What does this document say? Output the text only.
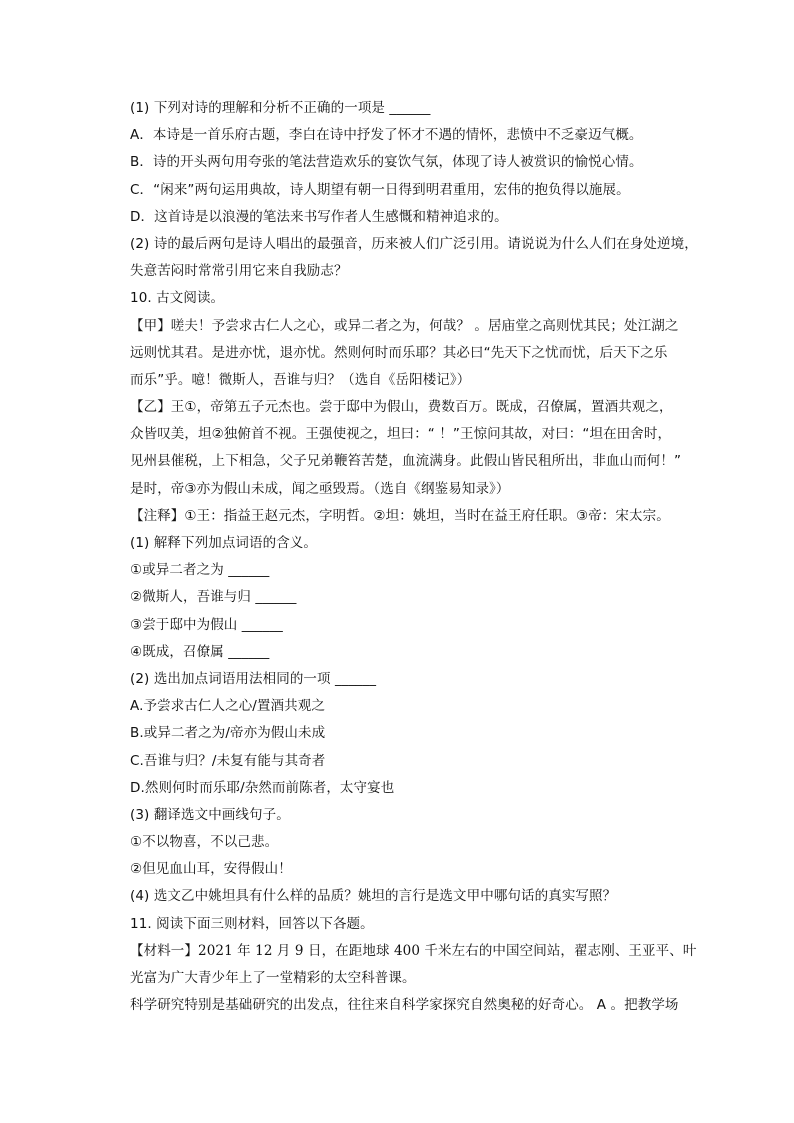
(1) 下列对诗的理解和分析不正确的一项是 ______
A．本诗是一首乐府古题，李白在诗中抒发了怀才不遇的情怀，悲愤中不乏豪迈气概。
B．诗的开头两句用夸张的笔法营造欢乐的宴饮气氛，体现了诗人被赏识的愉悦心情。
C．“闲来”两句运用典故，诗人期望有朝一日得到明君重用，宏伟的抱负得以施展。
D．这首诗是以浪漫的笔法来书写作者人生感慨和精神追求的。
(2) 诗的最后两句是诗人唱出的最强音，历来被人们广泛引用。请说说为什么人们在身处逆境，
失意苦闷时常常引用它来自我励志？
10. 古文阅读。
【甲】嗟夫！予尝求古仁人之心，或异二者之为，何哉？ 。居庙堂之高则忧其民；处江湖之
远则忧其君。是进亦忧，退亦忧。然则何时而乐耶？其必曰“先天下之忧而忧，后天下之乐
而乐”乎。噫！微斯人，吾谁与归？（选自《岳阳楼记》）
【乙】王①，帝第五子元杰也。尝于邸中为假山，费数百万。既成，召僚属，置酒共观之，
众皆叹美，坦②独俯首不视。王强使视之，坦曰：“ ！”王惊问其故，对曰：“坦在田舍时，
见州县催税，上下相急，父子兄弟鞭笞苦楚，血流满身。此假山皆民租所出，非血山而何！”
是时，帝③亦为假山未成，闻之亟毁焉。（选自《纲鉴易知录》）
【注释】①王：指益王赵元杰，字明哲。②坦：姚坦，当时在益王府任职。③帝：宋太宗。
(1) 解释下列加点词语的含义。
①或异二者之为 ______
②微斯人，吾谁与归 ______
③尝于邸中为假山 ______
④既成，召僚属 ______
(2) 选出加点词语用法相同的一项 ______
A.予尝求古仁人之心/置酒共观之
B.或异二者之为/帝亦为假山未成
C.吾谁与归？/未复有能与其奇者
D.然则何时而乐耶/杂然而前陈者，太守宴也
(3) 翻译选文中画线句子。
①不以物喜，不以己悲。
②但见血山耳，安得假山！
(4) 选文乙中姚坦具有什么样的品质？姚坦的言行是选文甲中哪句话的真实写照？
11. 阅读下面三则材料，回答以下各题。
【材料一】2021 年 12 月 9 日，在距地球 400 千米左右的中国空间站，翟志刚、王亚平、叶
光富为广大青少年上了一堂精彩的太空科普课。
科学研究特别是基础研究的出发点，往往来自科学家探究自然奥秘的好奇心。 A 。把教学场
